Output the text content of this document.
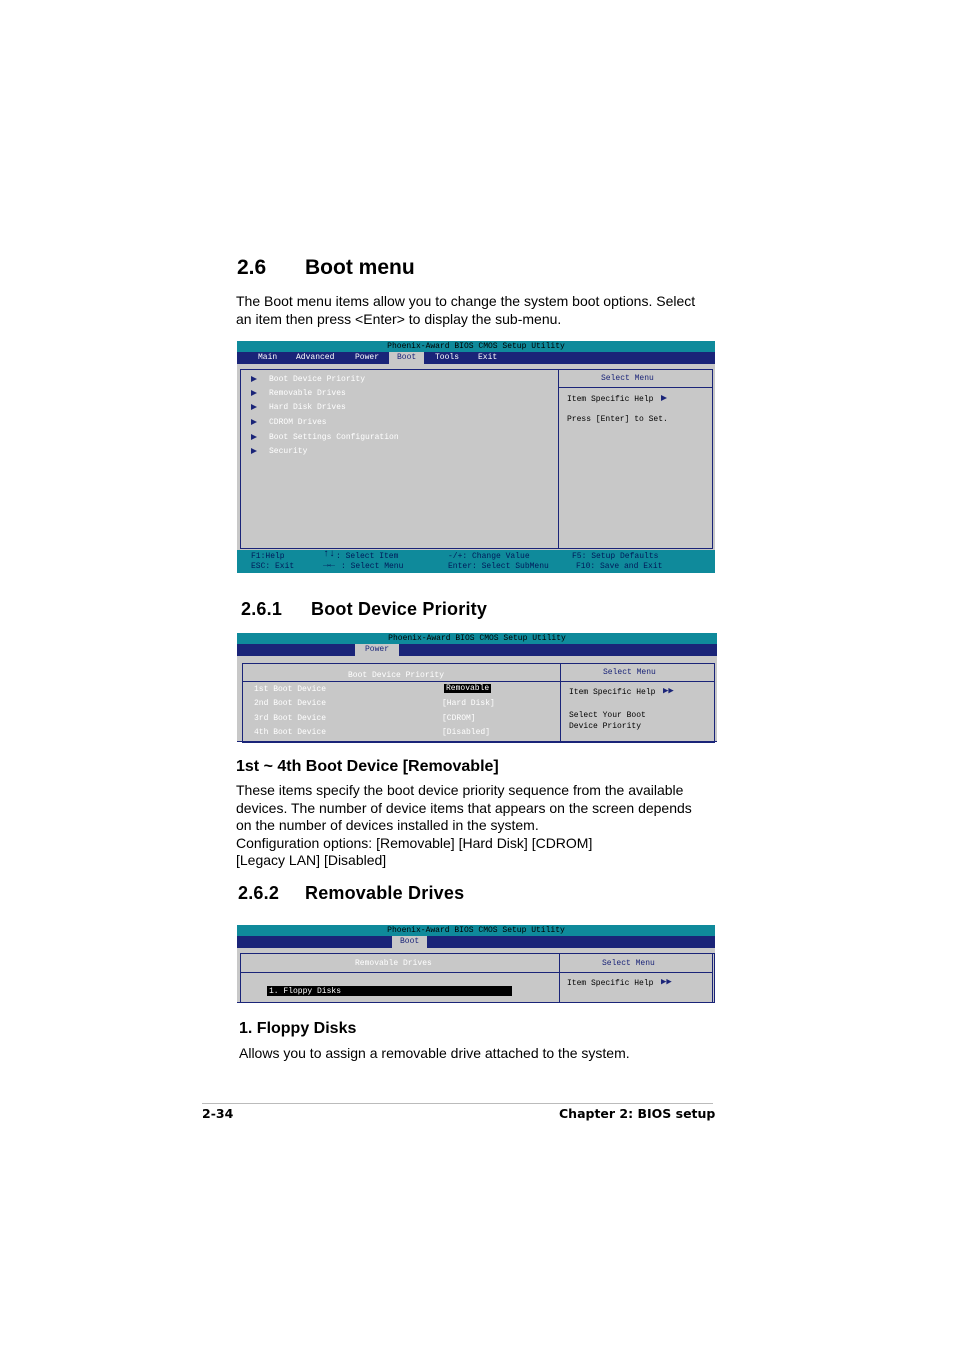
2.6 Boot menu
The Boot menu items allow you to change the system boot options. Select
an item then press <Enter> to display the sub-menu.
Phoenix-Award BIOS CMOS Setup Utility
Main Advanced	Power	Boot	Tools Exit
Select Menu
Item Specific Help
Press [Enter] to Set.
Boot Device Priority
Removable Drives
Hard Disk Drives
CDROM Drives
Boot Settings Configuration
Security
F1:Help	↑↓ : Select Item	-/+: Change Value	F5: Setup Defaults
ESC: Exit	→← : Select Menu	Enter: Select SubMenu	F10: Save and Exit
2.6.1 Boot Device Priority
Phoenix-Award BIOS CMOS Setup Utility
Power
Boot Device Priority	Select Menu
1st Boot Device	Removable
2nd Boot Device	[Hard Disk]
3rd Boot Device	[CDROM]
4th Boot Device	[Disabled]
Item Specific Help ▶▶
Select Your Boot
Device Priority
1st ~ 4th Boot Device [Removable]
These items specify the boot device priority sequence from the available
devices. The number of device items that appears on the screen depends
on the number of devices installed in the system.
Configuration options: [Removable] [Hard Disk] [CDROM]
[Legacy LAN] [Disabled]
2.6.2 Removable Drives
Phoenix-Award BIOS CMOS Setup Utility
Boot
Removable Drives	Select Menu
1. Floppy Disks
Item Specific Help ▶▶
1. Floppy Disks
Allows you to assign a removable drive attached to the system.
2-34	Chapter 2: BIOS setup
